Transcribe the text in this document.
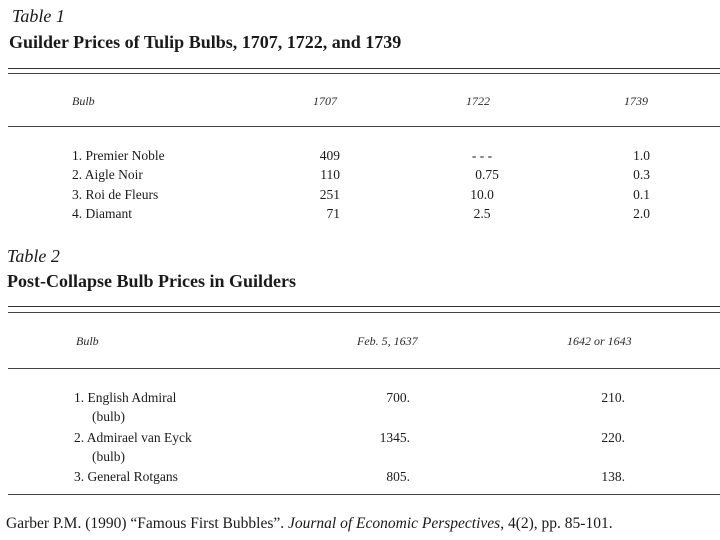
Table 1
Guilder Prices of Tulip Bulbs, 1707, 1722, and 1739
Bulb	1707	1722	1739
1. Premier Noble	409	- - -	1.0
2. Aigle Noir	110	0.75	0.3
3. Roi de Fleurs	251	10.0	0.1
4. Diamant	71	2.5	2.0
Table 2
Post-Collapse Bulb Prices in Guilders
Bulb	Feb. 5, 1637	1642 or 1643
1. English Admiral
(bulb)
700.	210.
2. Admirael van Eyck
(bulb)
1345.	220.
3. General Rotgans	805.	138.
Garber P.M. (1990) “Famous First Bubbles”. Journal of Economic Perspectives, 4(2), pp. 85-101.
